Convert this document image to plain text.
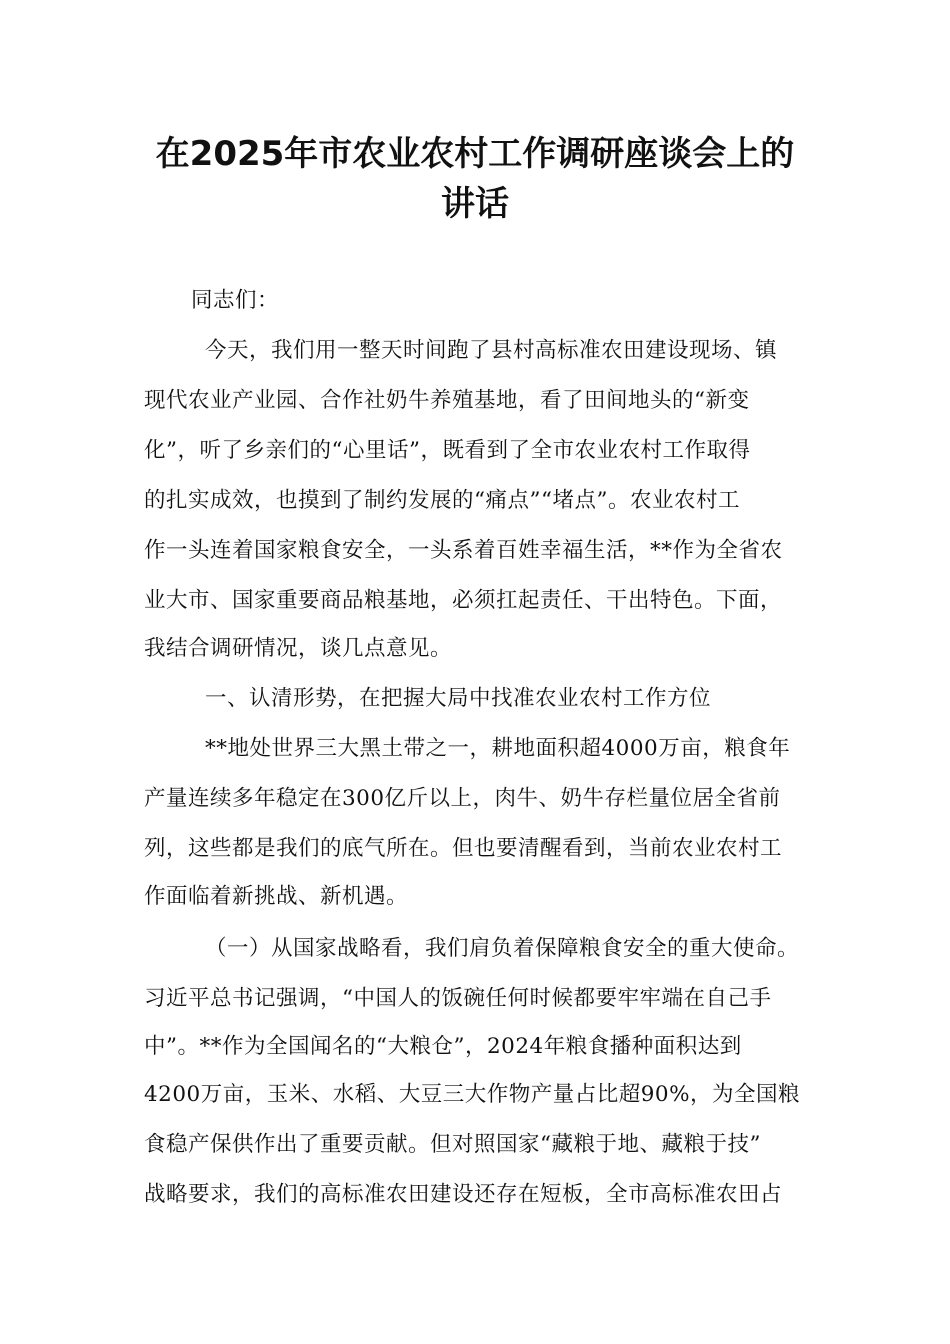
在2025年市农业农村工作调研座谈会上的
讲话
同志们：
今天，我们用一整天时间跑了县村高标准农田建设现场、镇
现代农业产业园、合作社奶牛养殖基地，看了田间地头的“新变
化”，听了乡亲们的“心里话”，既看到了全市农业农村工作取得
的扎实成效，也摸到了制约发展的“痛点”“堵点”。农业农村工
作一头连着国家粮食安全，一头系着百姓幸福生活，**作为全省农
业大市、国家重要商品粮基地，必须扛起责任、干出特色。下面，
我结合调研情况，谈几点意见。
一、认清形势，在把握大局中找准农业农村工作方位
**地处世界三大黑土带之一，耕地面积超4000万亩，粮食年
产量连续多年稳定在300亿斤以上，肉牛、奶牛存栏量位居全省前
列，这些都是我们的底气所在。但也要清醒看到，当前农业农村工
作面临着新挑战、新机遇。
（一）从国家战略看，我们肩负着保障粮食安全的重大使命。
习近平总书记强调，“中国人的饭碗任何时候都要牢牢端在自己手
中”。**作为全国闻名的“大粮仓”，2024年粮食播种面积达到
4200万亩，玉米、水稻、大豆三大作物产量占比超90%，为全国粮
食稳产保供作出了重要贡献。但对照国家“藏粮于地、藏粮于技”
战略要求，我们的高标准农田建设还存在短板，全市高标准农田占
